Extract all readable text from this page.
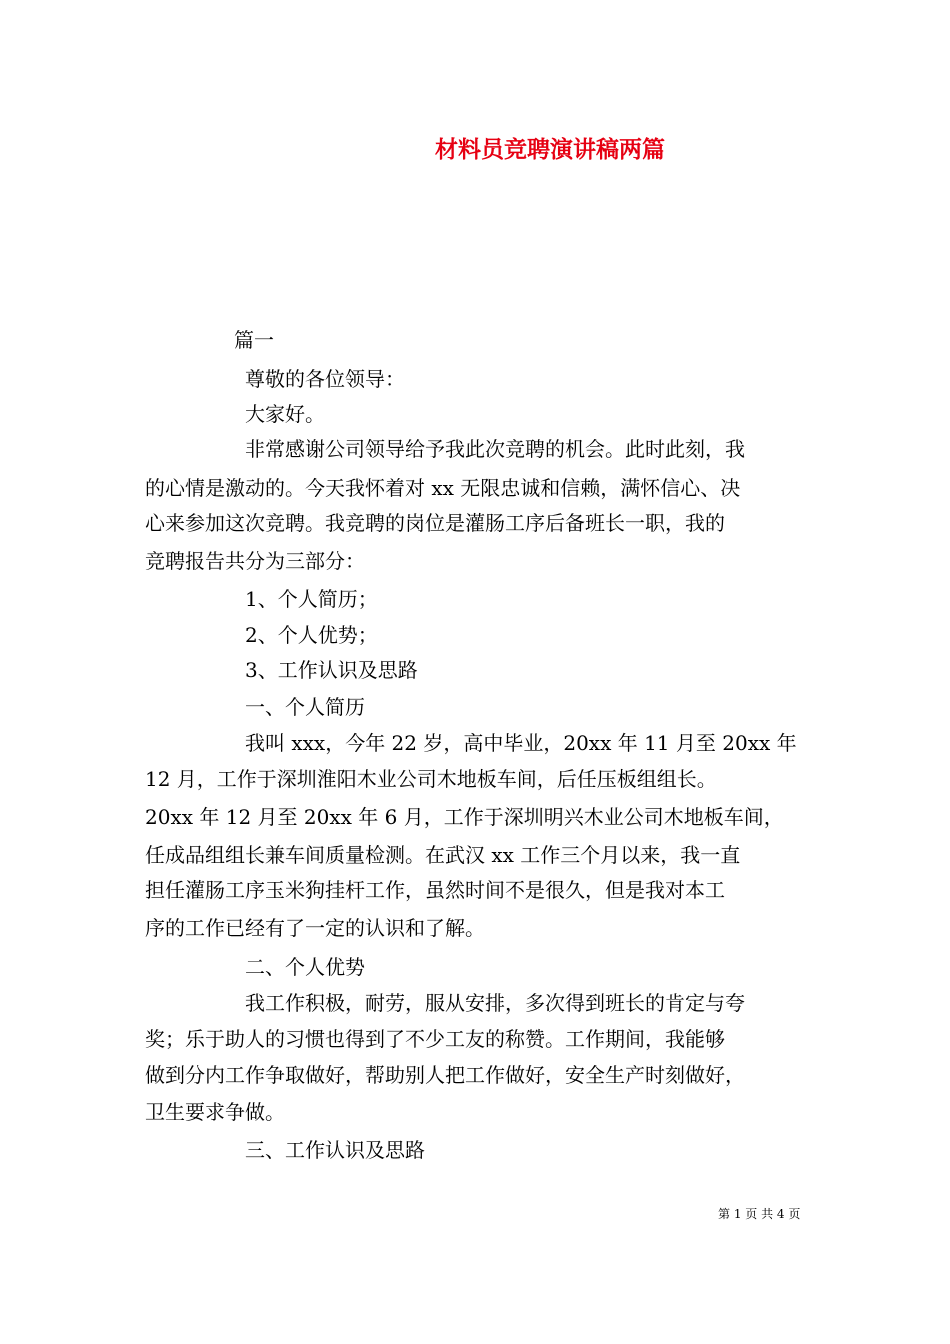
材料员竞聘演讲稿两篇
篇一
尊敬的各位领导：
大家好。
非常感谢公司领导给予我此次竞聘的机会。此时此刻，我
的心情是激动的。今天我怀着对 xx 无限忠诚和信赖，满怀信心、决
心来参加这次竞聘。我竞聘的岗位是灌肠工序后备班长一职，我的
竞聘报告共分为三部分：
1、个人简历；
2、个人优势；
3、工作认识及思路
一、个人简历
我叫 xxx，今年 22 岁，高中毕业，20xx 年 11 月至 20xx 年
12 月，工作于深圳淮阳木业公司木地板车间，后任压板组组长。
20xx 年 12 月至 20xx 年 6 月，工作于深圳明兴木业公司木地板车间，
任成品组组长兼车间质量检测。在武汉 xx 工作三个月以来，我一直
担任灌肠工序玉米狗挂杆工作，虽然时间不是很久，但是我对本工
序的工作已经有了一定的认识和了解。
二、个人优势
我工作积极，耐劳，服从安排，多次得到班长的肯定与夸
奖；乐于助人的习惯也得到了不少工友的称赞。工作期间，我能够
做到分内工作争取做好，帮助别人把工作做好，安全生产时刻做好，
卫生要求争做。
三、工作认识及思路
第 1 页 共 4 页
